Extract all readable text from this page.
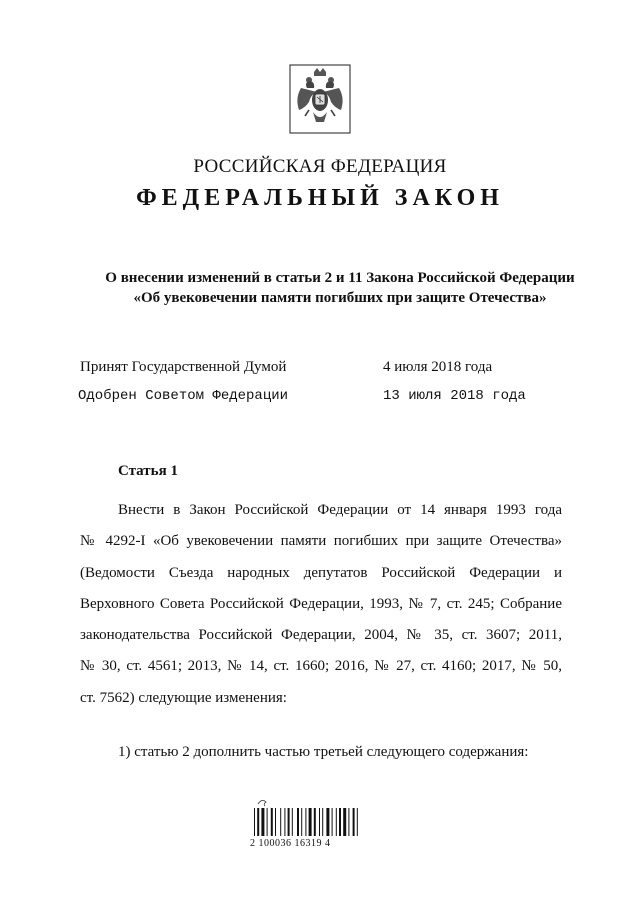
РОССИЙСКАЯ ФЕДЕРАЦИЯ
ФЕДЕРАЛЬНЫЙ ЗАКОН
О внесении изменений в статьи 2 и 11 Закона Российской Федерации
«Об увековечении памяти погибших при защите Отечества»
Принят Государственной Думой	4 июля 2018 года
Одобрен Советом Федерации	13 июля 2018 года
Статья 1
Внести в Закон Российской Федерации от 14 января 1993 года
№ 4292-I «Об увековечении памяти погибших при защите Отечества»
(Ведомости Съезда народных депутатов Российской Федерации и
Верховного Совета Российской Федерации, 1993, № 7, ст. 245; Собрание
законодательства Российской Федерации, 2004, № 35, ст. 3607; 2011,
№ 30, ст. 4561; 2013, № 14, ст. 1660; 2016, № 27, ст. 4160; 2017, № 50,
ст. 7562) следующие изменения:
1) статью 2 дополнить частью третьей следующего содержания:
2 100036 16319 4
